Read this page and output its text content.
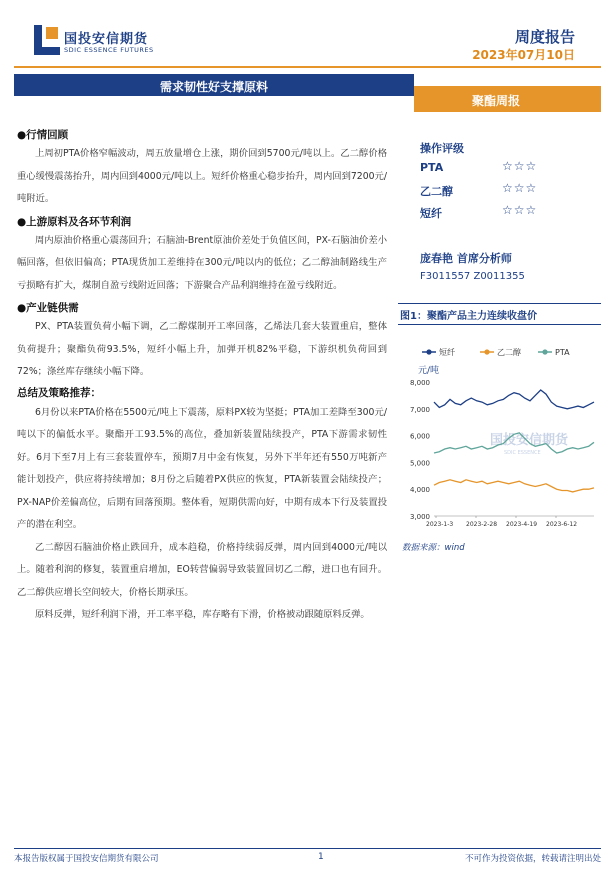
国投安信期货
SDIC ESSENCE FUTURES
周度报告
2023年07月10日
需求韧性好支撑原料
聚酯周报
●行情回顾

上周初PTA价格窄幅波动，周五放量增仓上涨，期价回到5700元/吨以上。乙二醇价格重心缓慢震荡抬升，周内回到4000元/吨以上。短纤价格重心稳步抬升，周内回到7200元/吨附近。

●上游原料及各环节利润

周内原油价格重心震荡回升；石脑油-Brent原油价差处于负值区间，PX-石脑油价差小幅回落，但依旧偏高；PTA现货加工差维持在300元/吨以内的低位；乙二醇油制路线生产亏损略有扩大，煤制自盈亏线附近回落；下游聚合产品利润维持在盈亏线附近。

●产业链供需

PX、PTA装置负荷小幅下调，乙二醇煤制开工率回落，乙烯法几套大装置重启，整体负荷提升；聚酯负荷93.5%，短纤小幅上升，加弹开机82%平稳，下游织机负荷回到72%；涤丝库存继续小幅下降。

总结及策略推荐：

6月份以来PTA价格在5500元/吨上下震荡，原料PX较为坚挺；PTA加工差降至300元/吨以下的偏低水平。聚酯开工93.5%的高位，叠加新装置陆续投产，PTA下游需求韧性好。6月下至7月上有三套装置停车，预期7月中金有恢复，另外下半年还有550万吨新产能计划投产，供应将持续增加；8月份之后随着PX供应的恢复，PTA新装置会陆续投产；PX-NAP价差偏高位，后期有回落预期。整体看，短期供需向好，中期有成本下行及装置投产的潜在利空。

乙二醇因石脑油价格止跌回升，成本趋稳，价格持续弱反弹，周内回到4000元/吨以上。随着利润的修复，装置重启增加，EO转营偏弱导致装置回切乙二醇，进口也有回升。乙二醇供应增长空间较大，价格长期承压。

原料反弹，短纤利润下滑，开工率平稳，库存略有下滑，价格被动跟随原料反弹。

操作评级
PTA	☆☆☆
乙二醇	☆☆☆
短纤	☆☆☆
庞春艳 首席分析师
F3011557 Z0011355
图1：聚酯产品主力连续收盘价
短纤	乙二醇	PTA
元/吨
国投安信期货
SDIC ESSENCE
3,000
4,000
5,000
6,000
7,000
8,000
2023-1-3 2023-2-28 2023-4-19 2023-6-12
数据来源：wind
本报告版权属于国投安信期货有限公司	1	不可作为投资依据，转载请注明出处
